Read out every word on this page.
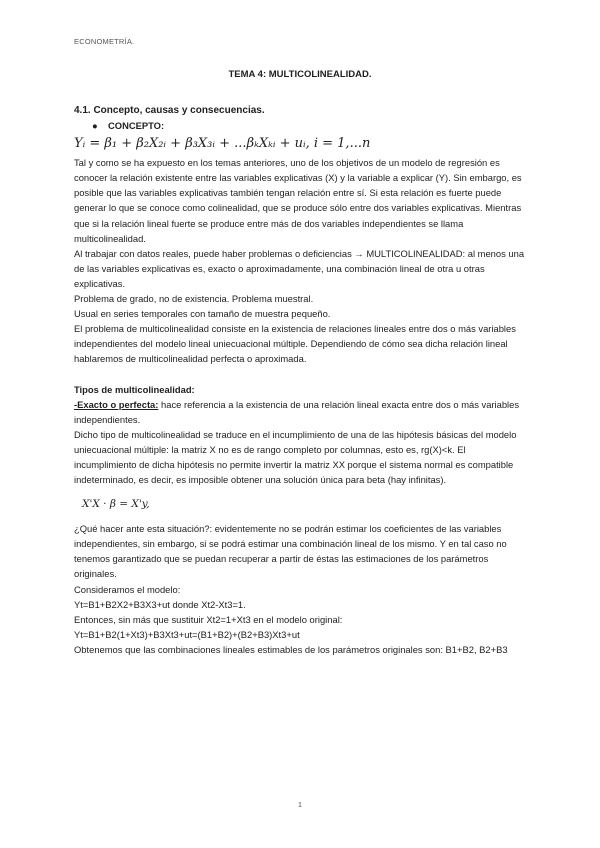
ECONOMETRÍA.
TEMA 4: MULTICOLINEALIDAD.

4.1. Concepto, causas y consecuencias.

● CONCEPTO:

Yᵢ = β₁ + β₂X₂ᵢ + β₃X₃ᵢ + ...βₖXₖᵢ + uᵢ, i = 1,...n

Tal y como se ha expuesto en los temas anteriores, uno de los objetivos de un modelo de regresión es conocer la relación existente entre las variables explicativas (X) y la variable a explicar (Y). Sin embargo, es posible que las variables explicativas también tengan relación entre sí. Si esta relación es fuerte puede generar lo que se conoce como colinealidad, que se produce sólo entre dos variables explicativas. Mientras que si la relación lineal fuerte se produce entre más de dos variables independientes se llama multicolinealidad.

Al trabajar con datos reales, puede haber problemas o deficiencias → MULTICOLINEALIDAD: al menos una de las variables explicativas es, exacto o aproximadamente, una combinación lineal de otra u otras explicativas.

Problema de grado, no de existencia. Problema muestral.

Usual en series temporales con tamaño de muestra pequeño.

El problema de multicolinealidad consiste en la existencia de relaciones lineales entre dos o más variables independientes del modelo lineal uniecuacional múltiple. Dependiendo de cómo sea dicha relación lineal hablaremos de multicolinealidad perfecta o aproximada.

Tipos de multicolinealidad:

-Exacto o perfecta: hace referencia a la existencia de una relación lineal exacta entre dos o más variables independientes.

Dicho tipo de multicolinealidad se traduce en el incumplimiento de una de las hipótesis básicas del modelo uniecuacional múltiple: la matriz X no es de rango completo por columnas, esto es, rg(X)<k. El incumplimiento de dicha hipótesis no permite invertir la matriz XX porque el sistema normal es compatible indeterminado, es decir, es imposible obtener una solución única para beta (hay infinitas).

X'X · β = X'y,

¿Qué hacer ante esta situación?: evidentemente no se podrán estimar los coeficientes de las variables independientes, sin embargo, si se podrá estimar una combinación lineal de los mismo. Y en tal caso no tenemos garantizado que se puedan recuperar a partir de éstas las estimaciones de los parámetros originales.

Consideramos el modelo:

Yt=B1+B2X2+B3X3+ut donde Xt2-Xt3=1.

Entonces, sin más que sustituir Xt2=1+Xt3 en el modelo original:

Yt=B1+B2(1+Xt3)+B3Xt3+ut=(B1+B2)+(B2+B3)Xt3+ut

Obtenemos que las combinaciones lineales estimables de los parámetros originales son: B1+B2, B2+B3

1
